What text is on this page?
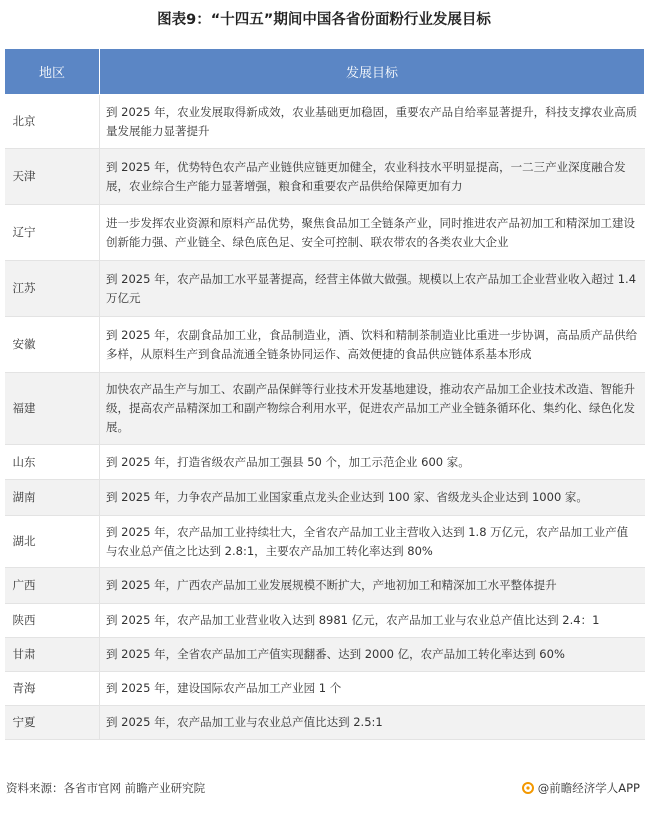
图表9：“十四五”期间中国各省份面粉行业发展目标
地区	发展目标
北京	到 2025 年，农业发展取得新成效，农业基础更加稳固，重要农产品自给率显著提升，科技支撑农业高质量发展能力显著提升
天津	到 2025 年，优势特色农产品产业链供应链更加健全，农业科技水平明显提高，一二三产业深度融合发展，农业综合生产能力显著增强，粮食和重要农产品供给保障更加有力
辽宁	进一步发挥农业资源和原料产品优势，聚焦食品加工全链条产业，同时推进农产品初加工和精深加工建设创新能力强、产业链全、绿色底色足、安全可控制、联农带农的各类农业大企业
江苏	到 2025 年，农产品加工水平显著提高，经营主体做大做强。规模以上农产品加工企业营业收入超过 1.4 万亿元
安徽	到 2025 年，农副食品加工业，食品制造业，酒、饮料和精制茶制造业比重进一步协调，高品质产品供给多样，从原料生产到食品流通全链条协同运作、高效便捷的食品供应链体系基本形成
福建	加快农产品生产与加工、农副产品保鲜等行业技术开发基地建设，推动农产品加工企业技术改造、智能升级，提高农产品精深加工和副产物综合利用水平，促进农产品加工产业全链条循环化、集约化、绿色化发展。
山东	到 2025 年，打造省级农产品加工强县 50 个，加工示范企业 600 家。
湖南	到 2025 年，力争农产品加工业国家重点龙头企业达到 100 家、省级龙头企业达到 1000 家。
湖北	到 2025 年，农产品加工业持续壮大，全省农产品加工业主营收入达到 1.8 万亿元，农产品加工业产值与农业总产值之比达到 2.8:1，主要农产品加工转化率达到 80%
广西	到 2025 年，广西农产品加工业发展规模不断扩大，产地初加工和精深加工水平整体提升
陕西	到 2025 年，农产品加工业营业收入达到 8981 亿元，农产品加工业与农业总产值比达到 2.4：1
甘肃	到 2025 年，全省农产品加工产值实现翻番、达到 2000 亿，农产品加工转化率达到 60%
青海	到 2025 年，建设国际农产品加工产业园 1 个
宁夏	到 2025 年，农产品加工业与农业总产值比达到 2.5:1
资料来源：各省市官网 前瞻产业研究院	@前瞻经济学人APP
